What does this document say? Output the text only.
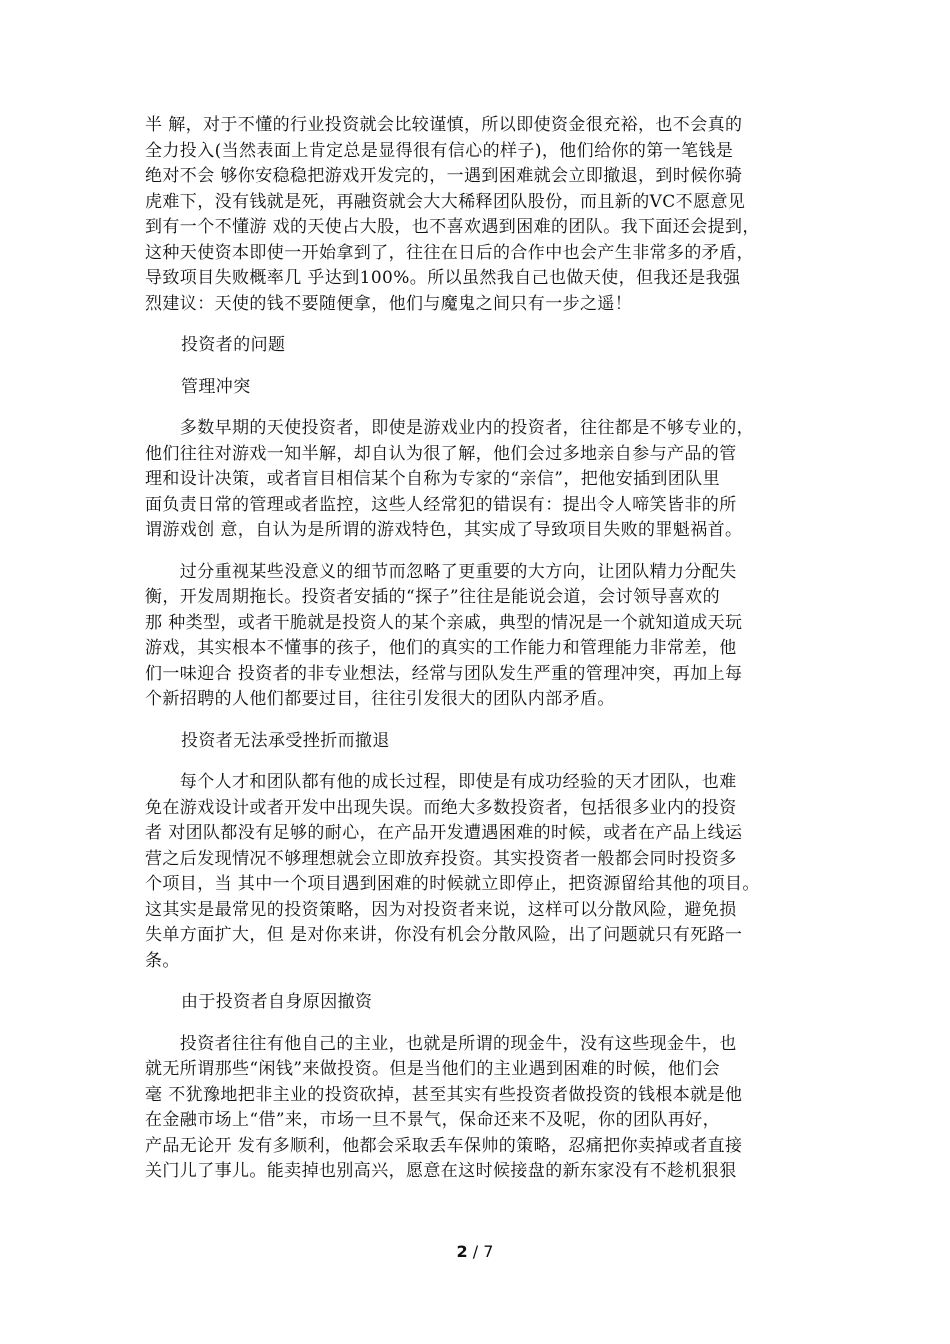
半 解，对于不懂的行业投资就会比较谨慎，所以即使资金很充裕，也不会真的
全力投入(当然表面上肯定总是显得很有信心的样子)，他们给你的第一笔钱是
绝对不会 够你安稳稳把游戏开发完的，一遇到困难就会立即撤退，到时候你骑
虎难下，没有钱就是死，再融资就会大大稀释团队股份，而且新的VC不愿意见
到有一个不懂游 戏的天使占大股，也不喜欢遇到困难的团队。我下面还会提到，
这种天使资本即使一开始拿到了，往往在日后的合作中也会产生非常多的矛盾，
导致项目失败概率几 乎达到100%。所以虽然我自己也做天使，但我还是我强
烈建议：天使的钱不要随便拿，他们与魔鬼之间只有一步之遥！
投资者的问题
管理冲突
　　多数早期的天使投资者，即使是游戏业内的投资者，往往都是不够专业的，
他们往往对游戏一知半解，却自认为很了解，他们会过多地亲自参与产品的管
理和设计决策，或者盲目相信某个自称为专家的“亲信”，把他安插到团队里
面负责日常的管理或者监控，这些人经常犯的错误有：提出令人啼笑皆非的所
谓游戏创 意，自认为是所谓的游戏特色，其实成了导致项目失败的罪魁祸首。
　　过分重视某些没意义的细节而忽略了更重要的大方向，让团队精力分配失
衡，开发周期拖长。投资者安插的“探子”往往是能说会道，会讨领导喜欢的
那 种类型，或者干脆就是投资人的某个亲戚，典型的情况是一个就知道成天玩
游戏，其实根本不懂事的孩子，他们的真实的工作能力和管理能力非常差，他
们一味迎合 投资者的非专业想法，经常与团队发生严重的管理冲突，再加上每
个新招聘的人他们都要过目，往往引发很大的团队内部矛盾。
投资者无法承受挫折而撤退
　　每个人才和团队都有他的成长过程，即使是有成功经验的天才团队，也难
免在游戏设计或者开发中出现失误。而绝大多数投资者，包括很多业内的投资
者 对团队都没有足够的耐心，在产品开发遭遇困难的时候，或者在产品上线运
营之后发现情况不够理想就会立即放弃投资。其实投资者一般都会同时投资多
个项目，当 其中一个项目遇到困难的时候就立即停止，把资源留给其他的项目。
这其实是最常见的投资策略，因为对投资者来说，这样可以分散风险，避免损
失单方面扩大，但 是对你来讲，你没有机会分散风险，出了问题就只有死路一
条。
由于投资者自身原因撤资
　　投资者往往有他自己的主业，也就是所谓的现金牛，没有这些现金牛，也
就无所谓那些“闲钱”来做投资。但是当他们的主业遇到困难的时候，他们会
毫 不犹豫地把非主业的投资砍掉，甚至其实有些投资者做投资的钱根本就是他
在金融市场上“借”来，市场一旦不景气，保命还来不及呢，你的团队再好，
产品无论开 发有多顺利，他都会采取丢车保帅的策略，忍痛把你卖掉或者直接
关门儿了事儿。能卖掉也别高兴，愿意在这时候接盘的新东家没有不趁机狠狠
2 / 7
